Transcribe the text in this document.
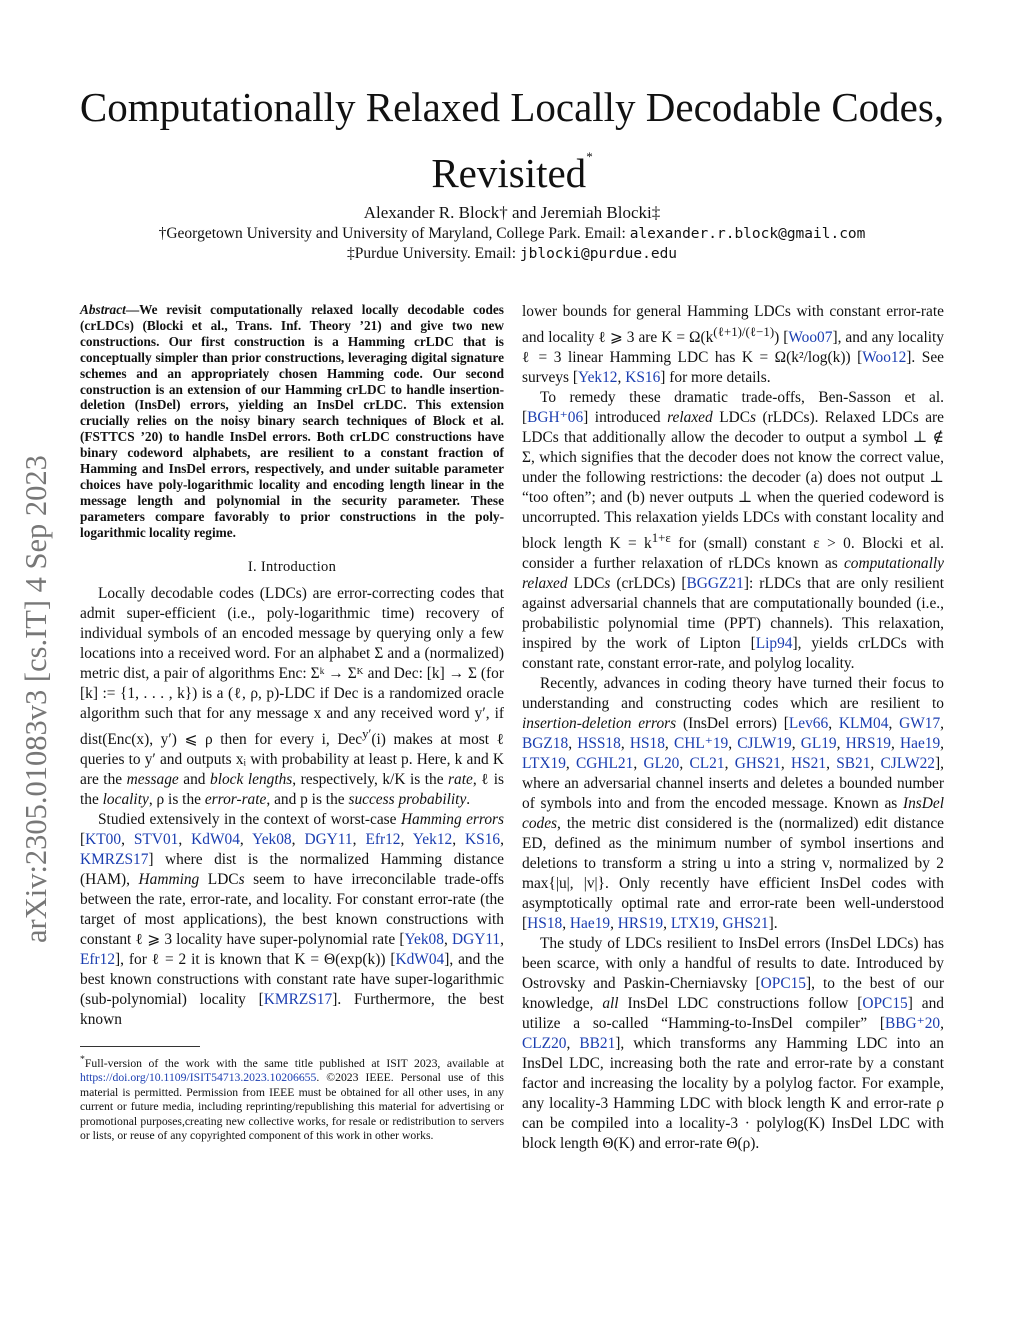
arXiv:2305.01083v3 [cs.IT] 4 Sep 2023
Computationally Relaxed Locally Decodable Codes,
Revisited*
Alexander R. Block† and Jeremiah Blocki‡
†Georgetown University and University of Maryland, College Park. Email: alexander.r.block@gmail.com
‡Purdue University. Email: jblocki@purdue.edu

Abstract—We revisit computationally relaxed locally decodable codes (crLDCs) (Blocki et al., Trans. Inf. Theory ’21) and give two new constructions. Our first construction is a Hamming crLDC that is conceptually simpler than prior constructions, leveraging digital signature schemes and an appropriately chosen Hamming code. Our second construction is an extension of our Hamming crLDC to handle insertion-deletion (InsDel) errors, yielding an InsDel crLDC. This extension crucially relies on the noisy binary search techniques of Block et al. (FSTTCS ’20) to handle InsDel errors. Both crLDC constructions have binary codeword alphabets, are resilient to a constant fraction of Hamming and InsDel errors, respectively, and under suitable parameter choices have poly-logarithmic locality and encoding length linear in the message length and polynomial in the security parameter. These parameters compare favorably to prior constructions in the poly-logarithmic locality regime.

I. Introduction

Locally decodable codes (LDCs) are error-correcting codes that admit super-efficient (i.e., poly-logarithmic time) recovery of individual symbols of an encoded message by querying only a few locations into a received word. For an alphabet Σ and a (normalized) metric dist, a pair of algorithms Enc: Σᵏ → Σᴷ and Dec: [k] → Σ (for [k] := {1, . . . , k}) is a (ℓ, ρ, p)-LDC if Dec is a randomized oracle algorithm such that for any message x and any received word y′, if dist(Enc(x), y′) ⩽ ρ then for every i, Dec$^{y'}$(i) makes at most ℓ queries to y′ and outputs xᵢ with probability at least p. Here, k and K are the message and block lengths, respectively, k/K is the rate, ℓ is the locality, ρ is the error-rate, and p is the success probability.

Studied extensively in the context of worst-case Hamming errors [KT00, STV01, KdW04, Yek08, DGY11, Efr12, Yek12, KS16, KMRZS17] where dist is the normalized Hamming distance (HAM), Hamming LDCs seem to have irreconcilable trade-offs between the rate, error-rate, and locality. For constant error-rate (the target of most applications), the best known constructions with constant ℓ ⩾ 3 locality have super-polynomial rate [Yek08, DGY11, Efr12], for ℓ = 2 it is known that K = Θ(exp(k)) [KdW04], and the best known constructions with constant rate have super-logarithmic (sub-polynomial) locality [KMRZS17]. Furthermore, the best known

*Full-version of the work with the same title published at ISIT 2023, available at https://doi.org/10.1109/ISIT54713.2023.10206655. ©2023 IEEE. Personal use of this material is permitted. Permission from IEEE must be obtained for all other uses, in any current or future media, including reprinting/republishing this material for advertising or promotional purposes,creating new collective works, for resale or redistribution to servers or lists, or reuse of any copyrighted component of this work in other works.

lower bounds for general Hamming LDCs with constant error-rate and locality ℓ ⩾ 3 are $K = \Omega(k^{(\ell+1)/(\ell-1)})$ [Woo07], and any locality ℓ = 3 linear Hamming LDC has K = Ω(k²/log(k)) [Woo12]. See surveys [Yek12, KS16] for more details.

To remedy these dramatic trade-offs, Ben-Sasson et al. [BGH⁺06] introduced relaxed LDCs (rLDCs). Relaxed LDCs are LDCs that additionally allow the decoder to output a symbol ⊥ ∉ Σ, which signifies that the decoder does not know the correct value, under the following restrictions: the decoder (a) does not output ⊥ “too often”; and (b) never outputs ⊥ when the queried codeword is uncorrupted. This relaxation yields LDCs with constant locality and block length $K = k^{1+\varepsilon}$ for (small) constant ε > 0. Blocki et al. consider a further relaxation of rLDCs known as computationally relaxed LDCs (crLDCs) [BGGZ21]: rLDCs that are only resilient against adversarial channels that are computationally bounded (i.e., probabilistic polynomial time (PPT) channels). This relaxation, inspired by the work of Lipton [Lip94], yields crLDCs with constant rate, constant error-rate, and polylog locality.

Recently, advances in coding theory have turned their focus to understanding and constructing codes which are resilient to insertion-deletion errors (InsDel errors) [Lev66, KLM04, GW17, BGZ18, HSS18, HS18, CHL⁺19, CJLW19, GL19, HRS19, Hae19, LTX19, CGHL21, GL20, CL21, GHS21, HS21, SB21, CJLW22], where an adversarial channel inserts and deletes a bounded number of symbols into and from the encoded message. Known as InsDel codes, the metric dist considered is the (normalized) edit distance ED, defined as the minimum number of symbol insertions and deletions to transform a string u into a string v, normalized by 2 max{|u|, |v|}. Only recently have efficient InsDel codes with asymptotically optimal rate and error-rate been well-understood [HS18, Hae19, HRS19, LTX19, GHS21].

The study of LDCs resilient to InsDel errors (InsDel LDCs) has been scarce, with only a handful of results to date. Introduced by Ostrovsky and Paskin-Cherniavsky [OPC15], to the best of our knowledge, all InsDel LDC constructions follow [OPC15] and utilize a so-called “Hamming-to-InsDel compiler” [BBG⁺20, CLZ20, BB21], which transforms any Hamming LDC into an InsDel LDC, increasing both the rate and error-rate by a constant factor and increasing the locality by a polylog factor. For example, any locality-3 Hamming LDC with block length K and error-rate ρ can be compiled into a locality-3 · polylog(K) InsDel LDC with block length Θ(K) and error-rate Θ(ρ).
